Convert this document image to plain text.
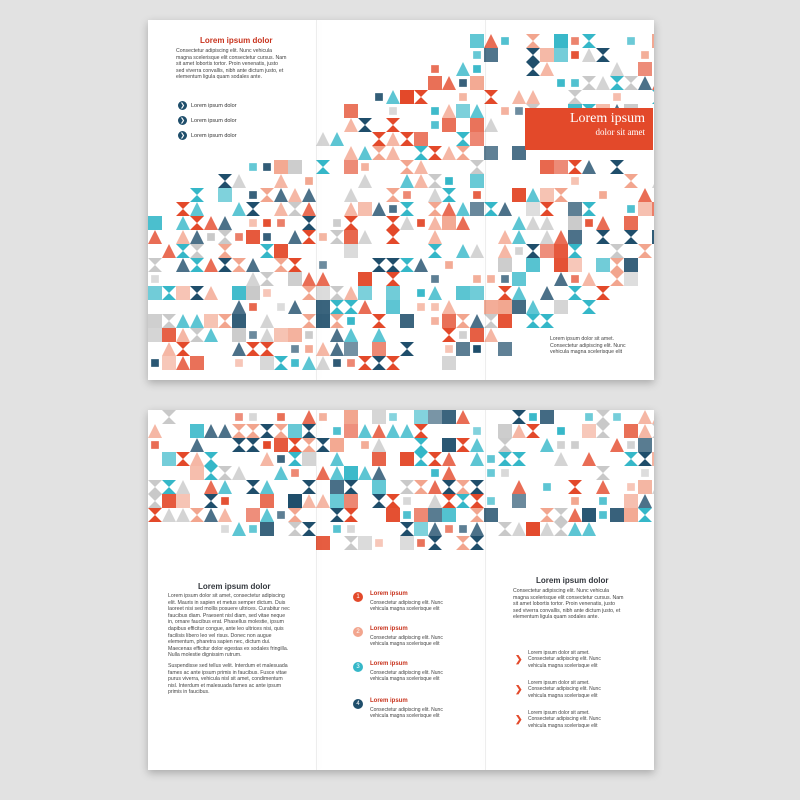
Lorem ipsum dolor
Consectetur adipiscing elit. Nunc vehicula
magna scelerisque elit consectetur cursus. Nam
sit amet lobortis tortor. Proin venenatis, justo
sed viverra convallis, nibh ante dictum justo, et
elementum ligula quam sodales ante.
❯	Lorem ipsum dolor
❯	Lorem ipsum dolor
❯	Lorem ipsum dolor
Lorem ipsum
dolor sit amet
Lorem ipsum dolor sit amet.
Consectetur adipiscing elit. Nunc
vehicula magna scelerisque elit
Lorem ipsum dolor
Lorem ipsum dolor sit amet, consectetur adipiscing
elit. Mauris in sapien et metus semper dictum. Duis
laoreet nisi sed mollis posuere ultrices. Curabitur nec
faucibus diam. Praesent nisl diam, sed vitae neque
in, ornare faucibus erat. Phasellus molestie, ipsum
dapibus efficitur congue, ante leo ultrices nisi, quis
facilisis libero leo vel risus. Donec non augue
elementum, pharetra sapien nec, dictum dui.
Maecenas efficitur dolor egestas ex sodales fringilla.
Nulla molestie dignissim rutrum.
Suspendisse sed tellus velit. Interdum et malesuada
fames ac ante ipsum primis in faucibus. Fusce vitae
purus viverra, vehicula nisl sit amet, condimentum
nisl. Interdum et malesuada fames ac ante ipsum
primis in faucibus.
1	Lorem ipsum
Consectetur adipiscing elit. Nunc
vehicula magna scelerisque elit
2	Lorem ipsum
Consectetur adipiscing elit. Nunc
vehicula magna scelerisque elit
3	Lorem ipsum
Consectetur adipiscing elit. Nunc
vehicula magna scelerisque elit
4	Lorem ipsum
Consectetur adipiscing elit. Nunc
vehicula magna scelerisque elit
Lorem ipsum dolor
Consectetur adipiscing elit. Nunc vehicula
magna scelerisque elit consectetur cursus. Nam
sit amet lobortis tortor. Proin venenatis, justo
sed viverra convallis, nibh ante dictum justo, et
elementum ligula quam sodales ante.
❯
Lorem ipsum dolor sit amet.
Consectetur adipiscing elit. Nunc
vehicula magna scelerisque elit
❯
Lorem ipsum dolor sit amet.
Consectetur adipiscing elit. Nunc
vehicula magna scelerisque elit
❯
Lorem ipsum dolor sit amet.
Consectetur adipiscing elit. Nunc
vehicula magna scelerisque elit
